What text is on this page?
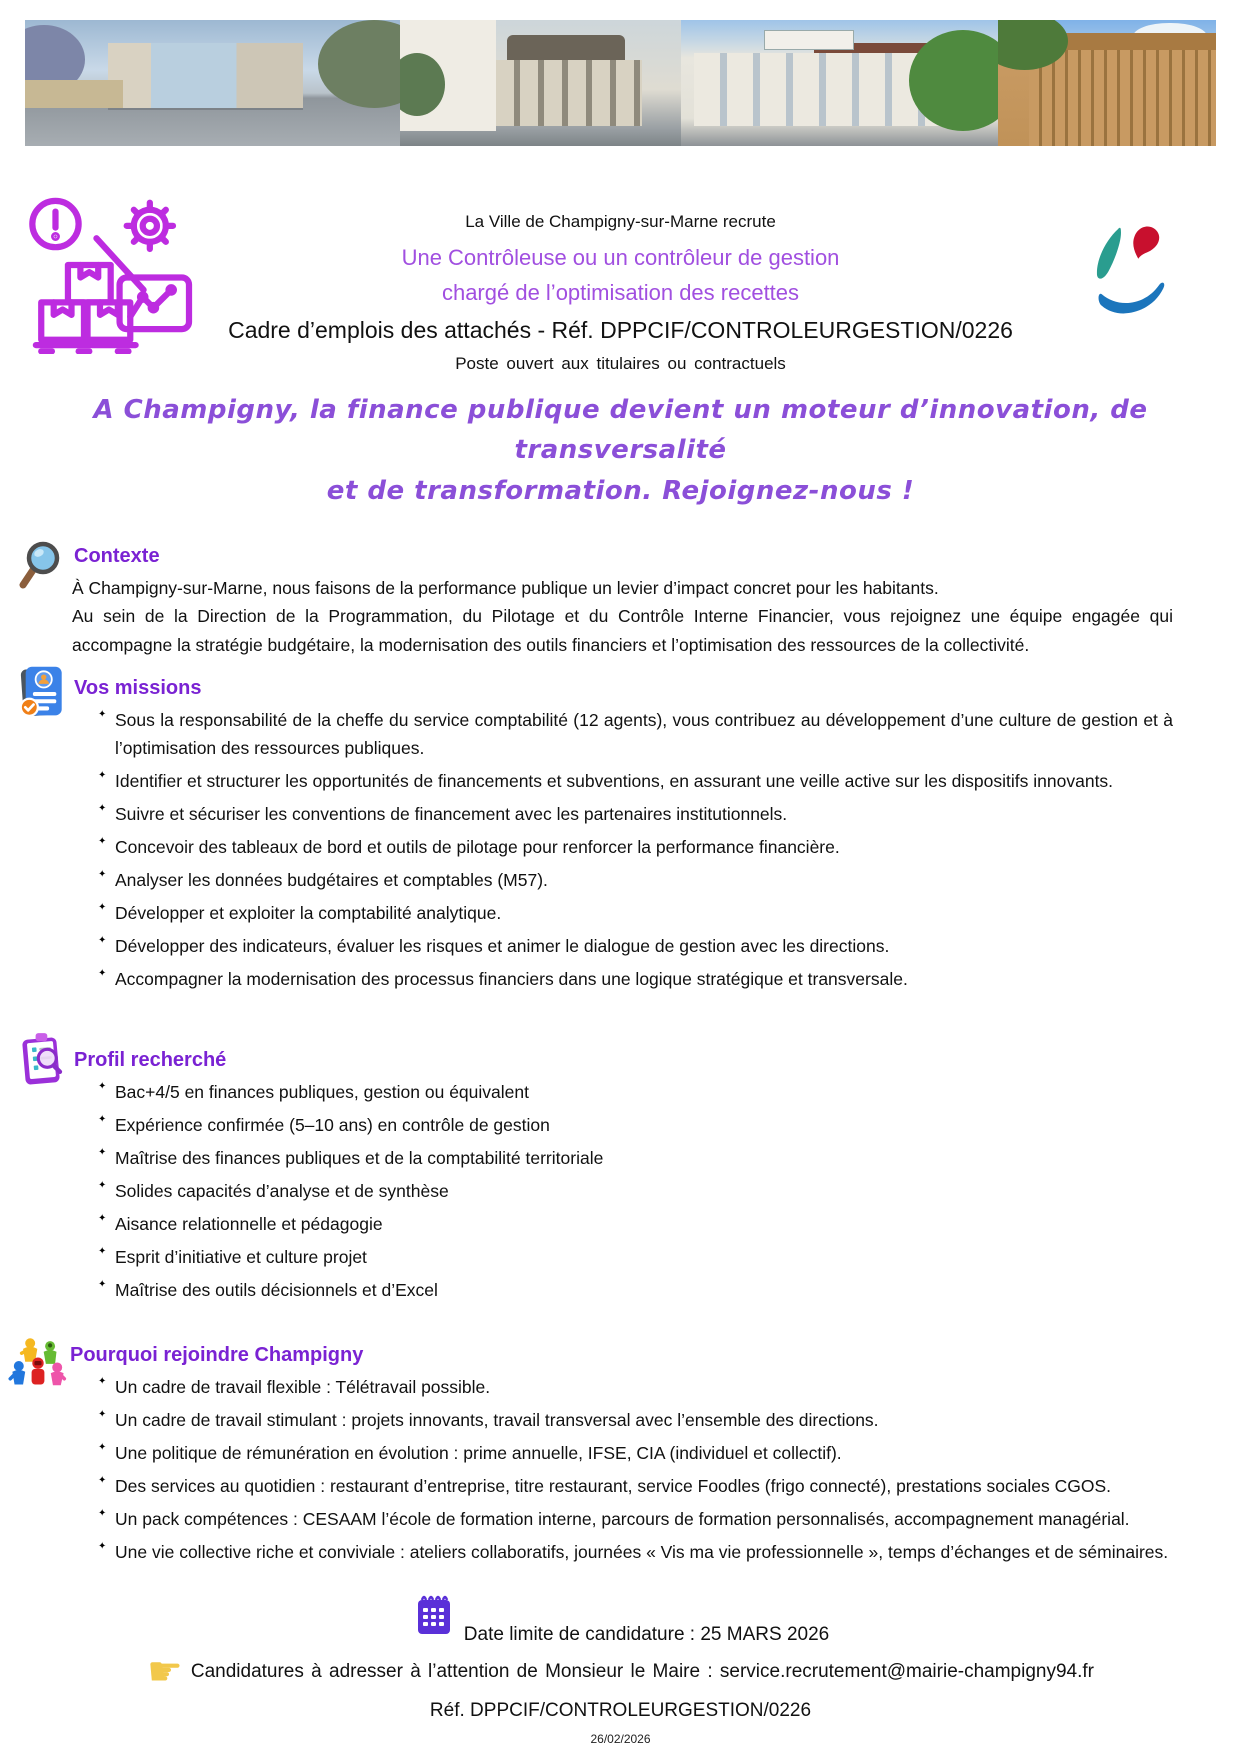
La Ville de Champigny-sur-Marne recrute
Une Contrôleuse ou un contrôleur de gestion
chargé de l’optimisation des recettes
Cadre d’emplois des attachés - Réf. DPPCIF/CONTROLEURGESTION/0226
Poste ouvert aux titulaires ou contractuels
A Champigny, la finance publique devient un moteur d’innovation, de transversalité
et de transformation. Rejoignez-nous !
Contexte

À Champigny-sur-Marne, nous faisons de la performance publique un levier d’impact concret pour les habitants.

Au sein de la Direction de la Programmation, du Pilotage et du Contrôle Interne Financier, vous rejoignez une équipe engagée qui accompagne la stratégie budgétaire, la modernisation des outils financiers et l’optimisation des ressources de la collectivité.

Vos missions
✦ Sous la responsabilité de la cheffe du service comptabilité (12 agents), vous contribuez au développement d’une culture de gestion et à l’optimisation des ressources publiques.
✦ Identifier et structurer les opportunités de financements et subventions, en assurant une veille active sur les dispositifs innovants.
✦ Suivre et sécuriser les conventions de financement avec les partenaires institutionnels.
✦ Concevoir des tableaux de bord et outils de pilotage pour renforcer la performance financière.
✦ Analyser les données budgétaires et comptables (M57).
✦ Développer et exploiter la comptabilité analytique.
✦ Développer des indicateurs, évaluer les risques et animer le dialogue de gestion avec les directions.
✦ Accompagner la modernisation des processus financiers dans une logique stratégique et transversale.
Profil recherché
✦ Bac+4/5 en finances publiques, gestion ou équivalent
✦ Expérience confirmée (5–10 ans) en contrôle de gestion
✦ Maîtrise des finances publiques et de la comptabilité territoriale
✦ Solides capacités d’analyse et de synthèse
✦ Aisance relationnelle et pédagogie
✦ Esprit d’initiative et culture projet
✦ Maîtrise des outils décisionnels et d’Excel
Pourquoi rejoindre Champigny
✦ Un cadre de travail flexible : Télétravail possible.
✦ Un cadre de travail stimulant : projets innovants, travail transversal avec l’ensemble des directions.
✦ Une politique de rémunération en évolution : prime annuelle, IFSE, CIA (individuel et collectif).
✦ Des services au quotidien : restaurant d’entreprise, titre restaurant, service Foodles (frigo connecté), prestations sociales CGOS.
✦ Un pack compétences : CESAAM l’école de formation interne, parcours de formation personnalisés, accompagnement managérial.
✦ Une vie collective riche et conviviale : ateliers collaboratifs, journées « Vis ma vie professionnelle », temps d’échanges et de séminaires.
Date limite de candidature : 25 MARS 2026
☛ Candidatures à adresser à l’attention de Monsieur le Maire : service.recrutement@mairie-champigny94.fr
Réf. DPPCIF/CONTROLEURGESTION/0226
26/02/2026
